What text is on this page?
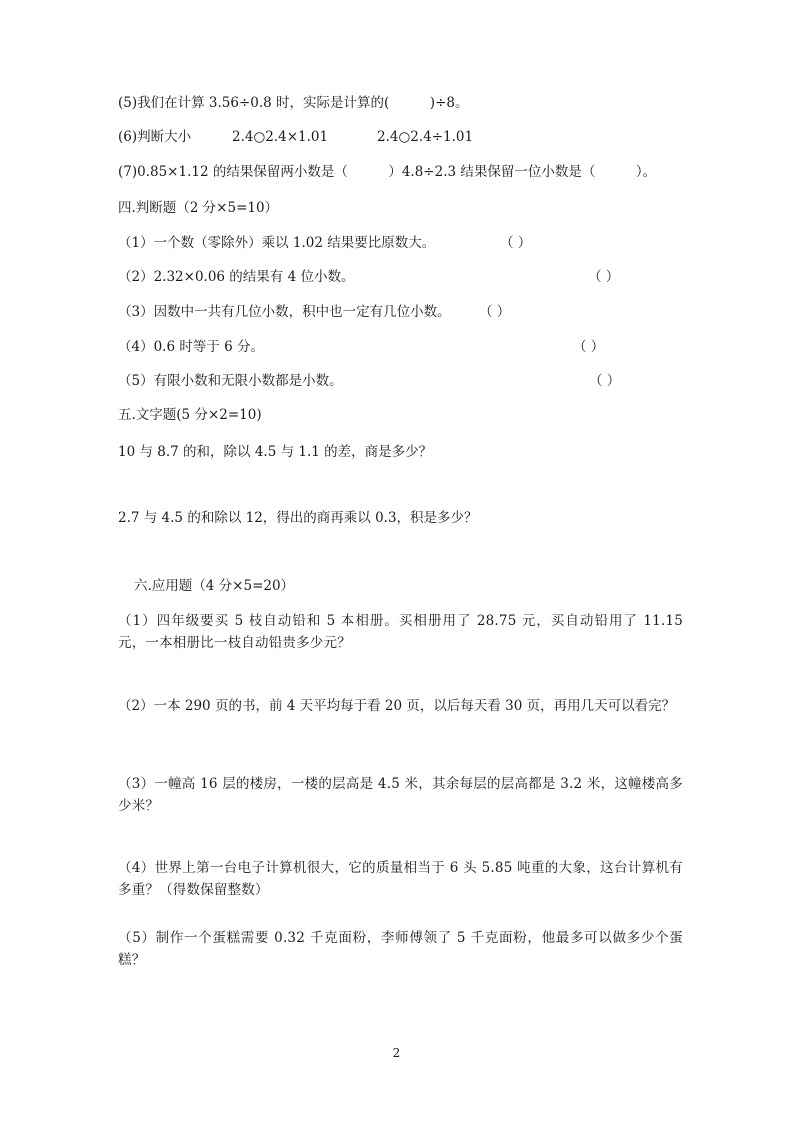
(5)我们在计算 3.56÷0.8 时，实际是计算的(　　　)÷8。
(6)判断大小	2.4○2.4×1.01	2.4○2.4÷1.01
(7)0.85×1.12 的结果保留两小数是（　　　）4.8÷2.3 结果保留一位小数是（　　　）。
四.判断题（2 分×5=10）
（1）一个数（零除外）乘以 1.02 结果要比原数大。	（ ）
（2）2.32×0.06 的结果有 4 位小数。	（ ）
（3）因数中一共有几位小数，积中也一定有几位小数。 （ ）
（4）0.6 时等于 6 分。	（ ）
（5）有限小数和无限小数都是小数。	（ ）
五.文字题(5 分×2=10)
10 与 8.7 的和，除以 4.5 与 1.1 的差，商是多少？
2.7 与 4.5 的和除以 12，得出的商再乘以 0.3，积是多少？
六.应用题（4 分×5=20）
（1）四年级要买 5 枝自动铅和 5 本相册。买相册用了 28.75 元，买自动铅用了 11.15 元，一本相册比一枝自动铅贵多少元？
（2）一本 290 页的书，前 4 天平均每于看 20 页，以后每天看 30 页，再用几天可以看完？
（3）一幢高 16 层的楼房，一楼的层高是 4.5 米，其余每层的层高都是 3.2 米，这幢楼高多少米？
（4）世界上第一台电子计算机很大，它的质量相当于 6 头 5.85 吨重的大象，这台计算机有多重？（得数保留整数）
（5）制作一个蛋糕需要 0.32 千克面粉，李师傅领了 5 千克面粉，他最多可以做多少个蛋糕？
2
